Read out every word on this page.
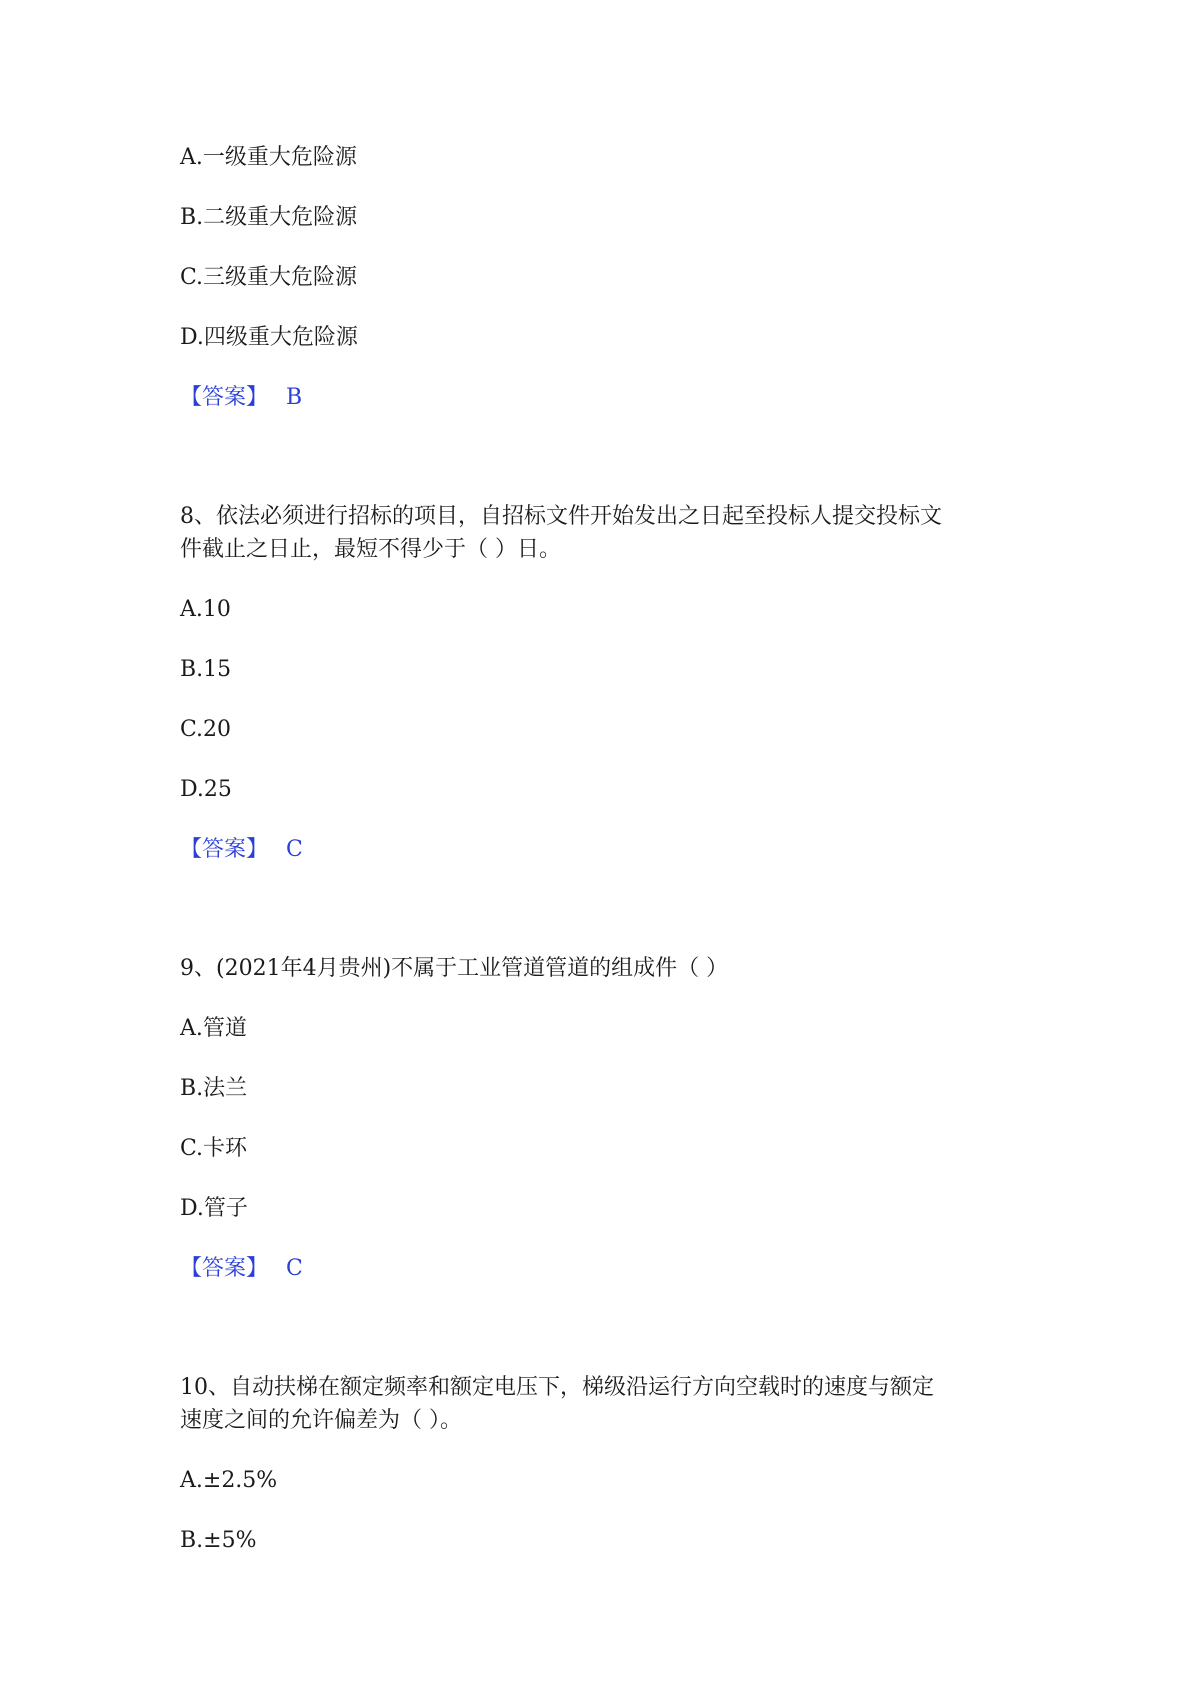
A.一级重大危险源
B.二级重大危险源
C.三级重大危险源
D.四级重大危险源
【答案】 B
8、依法必须进行招标的项目，自招标文件开始发出之日起至投标人提交投标文
件截止之日止，最短不得少于（ ）日。
A.10
B.15
C.20
D.25
【答案】 C
9、(2021年4月贵州)不属于工业管道管道的组成件（ ）
A.管道
B.法兰
C.卡环
D.管子
【答案】 C
10、自动扶梯在额定频率和额定电压下，梯级沿运行方向空载时的速度与额定
速度之间的允许偏差为（ ）。
A.±2.5%
B.±5%
